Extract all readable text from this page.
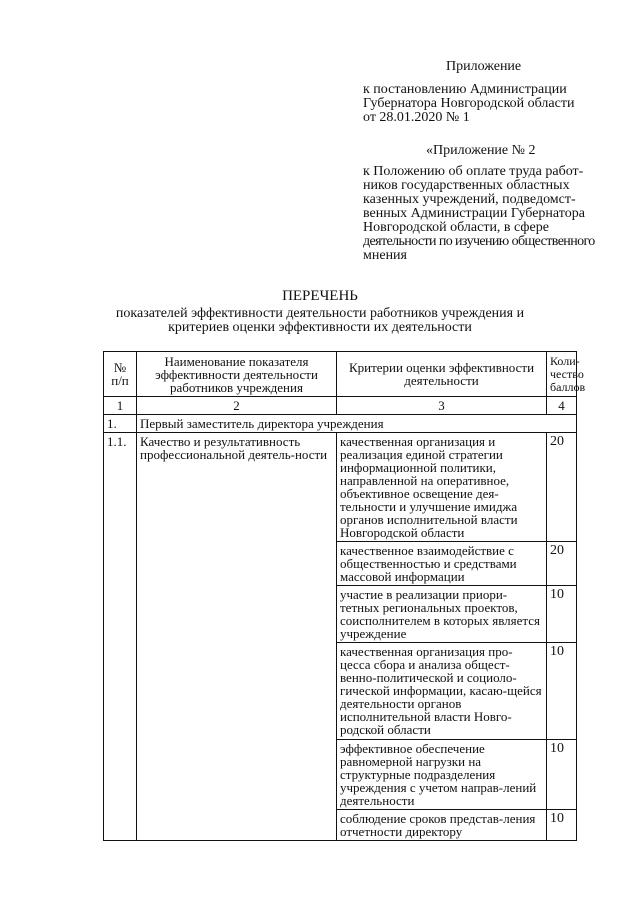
Приложение
к постановлению Администрации
Губернатора Новгородской области
от 28.01.2020 № 1
«Приложение № 2
к Положению об оплате труда работ-
ников государственных областных
казенных учреждений, подведомст-
венных Администрации Губернатора
Новгородской области, в сфере
деятельности по изучению общественного
мнения
ПЕРЕЧЕНЬ
показателей эффективности деятельности работников учреждения и
критериев оценки эффективности их деятельности
№ п/п	Наименование показателя эффективности деятельности работников учреждения	Критерии оценки эффективности деятельности	Коли-чество баллов
1	2	3	4
1.	Первый заместитель директора учреждения		
1.1.	Качество и результативность профессиональной деятель-ности	качественная организация и реализация единой стратегии информационной политики, направленной на оперативное, объективное освещение дея-тельности и улучшение имиджа органов исполнительной власти Новгородской области	20
		качественное взаимодействие с общественностью и средствами массовой информации	20
		участие в реализации приори-тетных региональных проектов, соисполнителем в которых является учреждение	10
		качественная организация про-цесса сбора и анализа общест-венно-политической и социоло-гической информации, касаю-щейся деятельности органов исполнительной власти Новго-родской области	10
		эффективное обеспечение равномерной нагрузки на структурные подразделения учреждения с учетом направ-лений деятельности	10
		соблюдение сроков представ-ления отчетности директору	10
